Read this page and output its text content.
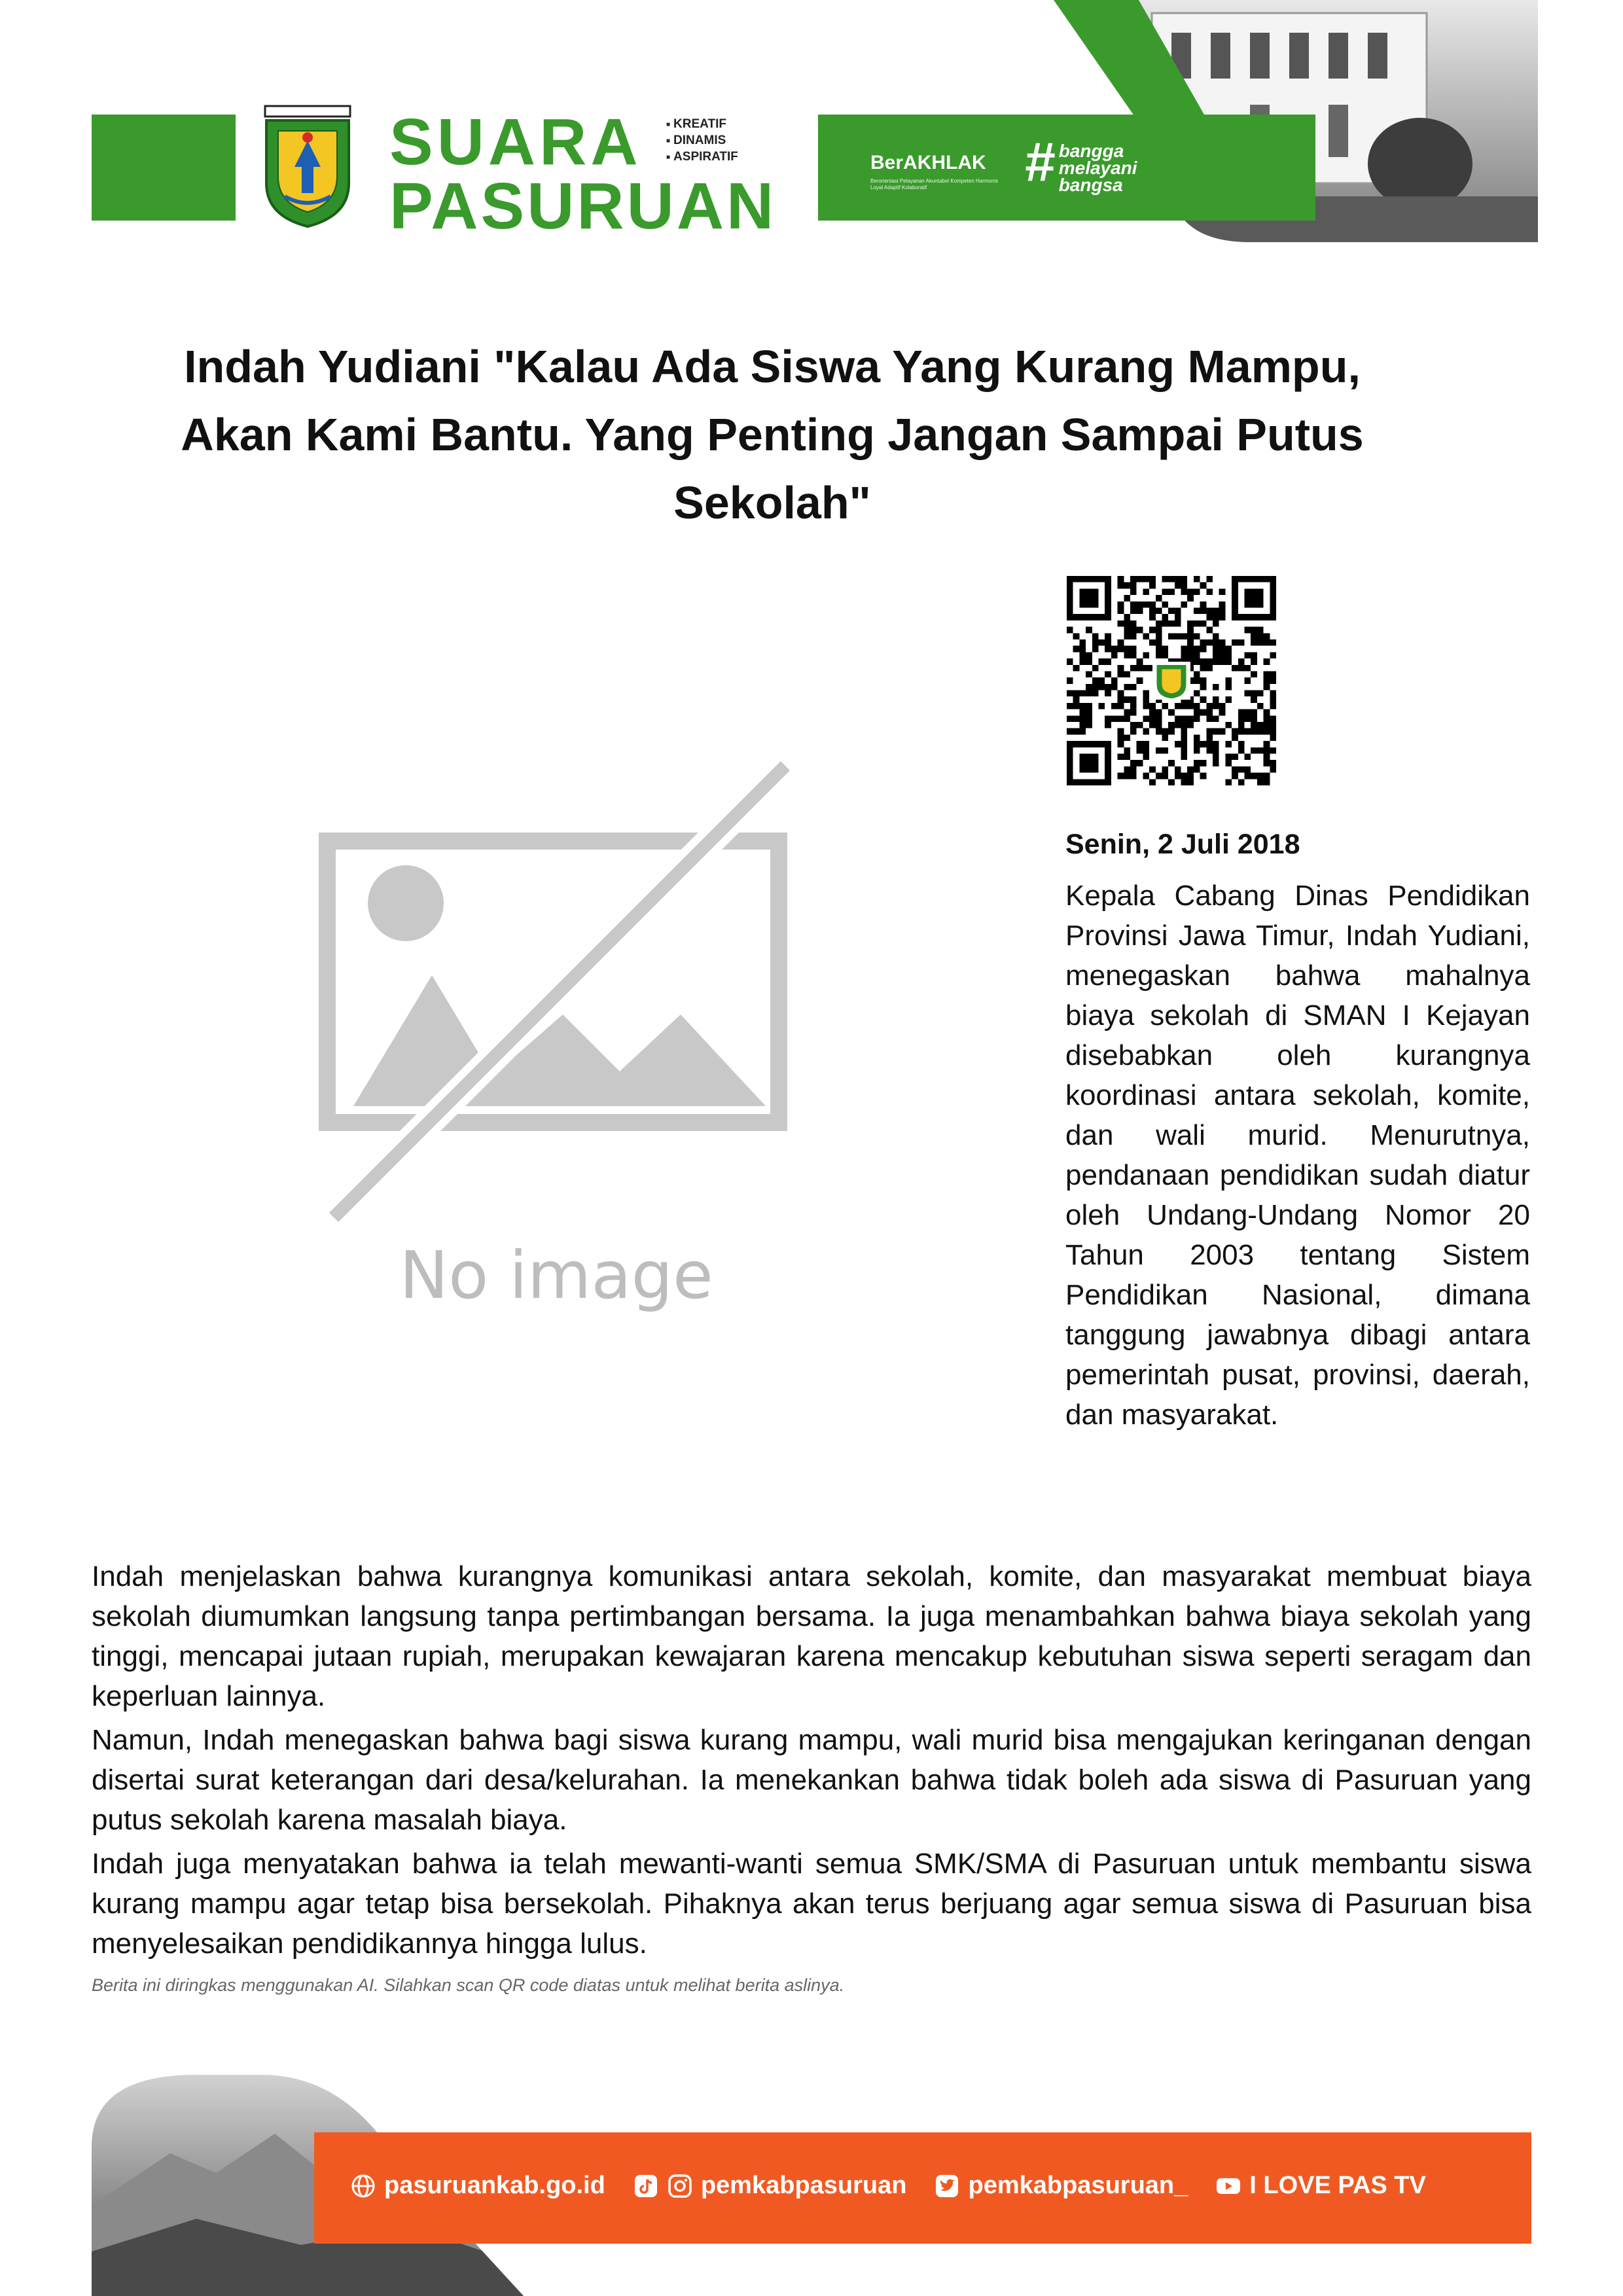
SUARA
PASURUAN
■ KREATIF
■ DINAMIS
■ ASPIRATIF	BerAKHLAK
Berorientasi Pelayanan Akuntabel Kompeten Harmonis Loyal Adaptif Kolaboratif	# bangga
melayani
bangsa
Indah Yudiani "Kalau Ada Siswa Yang Kurang Mampu,
Akan Kami Bantu. Yang Penting Jangan Sampai Putus
Sekolah"
No image
Senin, 2 Juli 2018

Kepala Cabang Dinas Pendidikan Provinsi Jawa Timur, Indah Yudiani, menegaskan bahwa mahalnya biaya sekolah di SMAN I Kejayan disebabkan oleh kurangnya koordinasi antara sekolah, komite, dan wali murid. Menurutnya, pendanaan pendidikan sudah diatur oleh Undang-Undang Nomor 20 Tahun 2003 tentang Sistem Pendidikan Nasional, dimana tanggung jawabnya dibagi antara pemerintah pusat, provinsi, daerah, dan masyarakat.

Indah menjelaskan bahwa kurangnya komunikasi antara sekolah, komite, dan masyarakat membuat biaya sekolah diumumkan langsung tanpa pertimbangan bersama. Ia juga menambahkan bahwa biaya sekolah yang tinggi, mencapai jutaan rupiah, merupakan kewajaran karena mencakup kebutuhan siswa seperti seragam dan keperluan lainnya.

Namun, Indah menegaskan bahwa bagi siswa kurang mampu, wali murid bisa mengajukan keringanan dengan disertai surat keterangan dari desa/kelurahan. Ia menekankan bahwa tidak boleh ada siswa di Pasuruan yang putus sekolah karena masalah biaya.

Indah juga menyatakan bahwa ia telah mewanti-wanti semua SMK/SMA di Pasuruan untuk membantu siswa kurang mampu agar tetap bisa bersekolah. Pihaknya akan terus berjuang agar semua siswa di Pasuruan bisa menyelesaikan pendidikannya hingga lulus.

Berita ini diringkas menggunakan AI. Silahkan scan QR code diatas untuk melihat berita aslinya.
pasuruankab.go.id	pemkabpasuruan pemkabpasuruan_ I LOVE PAS TV
